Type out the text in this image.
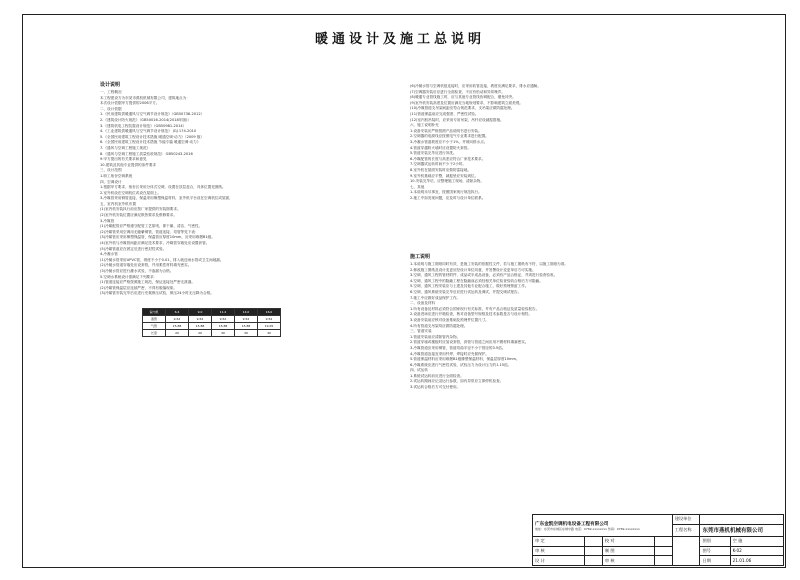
暖通设计及施工总说明
设计说明

一、工程概况

本工程建设方为东莞市燕机机械有限公司，建筑地点为：

本次设计依据甲方提供的2006平方。

二、设计依据

1.《民用建筑供暖通风与空气调节设计规范》（GB50736-2012）

2.《建筑设计防火规范》（GB50016-2014(2018年版)）

3.《建筑机电工程抗震设计规范》（GB50981-2014）

4.《工业建筑供暖通风与空气调节设计规范》 JGJ 174-2010

5.《全国民用建筑工程设计技术措施 暖通空调·动力》（2009 版）

6.《全国民用建筑工程设计技术措施 节能专篇 暖通空调·动力》

7.《通风与空调工程施工规范》

8.《通风与空调工程施工质量验收规范》 GB50243-2016

9.甲方提出的有关要求和意见

10.建筑及其他专业提供的条件要求

三、设计范围

1.职工宿舍空调系统

四、空调设计

1.根据甲方要求，宿舍区采用分体式空调，设置在顶层盖合，具体位置见图纸。

2.室外机设在空调机位或设在屋面上。

3.冷媒管采用铜管连接，保温采用橡塑保温材料，室外机平台设在空调机位或屋面，

五、室内机室外机布置

(1)室内机安装执行前应按厂家提供的安装图要求。

(2)室外机安装位置应满足散热要求及维修要求。

3.冷媒管

(1)冷媒配管应严格遵守配管工艺原则，即干燥、清洁、气密性。

(2)冷媒管采用空调用无缝紫铜管，管道连接、弯管等见下表：

(3)冷媒管应采用橡塑保温管，保温管应厚度10mm，应采用难燃B1级。

(4)室外机与冷媒管间距应满足技术要求，冷媒管穿墙处应设置套管。

(5)冷媒管道应在固定后进行密封性试验。

4.冷凝水管

(1)冷凝水管采用UPVC管，坡度不小于0.01，排入就近雨水管或卫生间地漏。

(2)冷凝水管道穿墙处应设套管，并用柔性材料填充密实。

(3)冷凝水管应进行灌水试验，不渗漏为合格。

5.空调水系统设计需满足下列要求：

(1)管道连接应严格按照施工规范，保证连接处严密无泄漏。

(2)冷媒管保温层应连续严密，不得有脱落现象。

(3)冷媒管安装完毕后应进行充氮保压试验，保压24小时无压降为合格。

室内机	6.4	9.0	11.2	14.0	16.0
液管	9.52	9.52	9.52	9.52	9.52
气管	15.88	15.88	15.88	15.88	19.05
长度	20	20	30	30	30

(6)冷凝水管与空调机组连接时，应采用软管连接，坡度应满足要求，排水应通畅。

(7)空调器安装后应进行全面检查，不应有松动和异常噪声。

(8)暖通专业管线施工时，应与其他专业管线协调配合，避免冲突。

(9)室外机安装高度及位置应满足当地规划要求，不影响建筑立面美观。

(10)冷媒管道支吊架间距应符合规范要求，支吊架应做防腐处理。

(11)管道保温前应完成强度、严密性试验。

(12)室内机吊装时，应采用专用吊架，吊杆应设减振措施。

六、施工说明补充

1.设备安装应严格按照产品说明书进行安装。

2.空调器的电源线应按照电气专业要求进行配置。

3.冷凝水管道坡度应不小于1%，并坡向排水点。

4.管道穿越防火墙时应设置防火套管。

5.管道安装完毕应进行冲洗。

6.冷媒配管的长度与高差应符合厂家技术要求。

7.空调器试运转时间不少于2小时。

8.室外机在屋面安装时应做防雷接地。

9.室外机基础应平整，减振垫应安装到位。

10.安装完毕后，应整理施工现场，清除杂物。

七、其他

1.本说明未尽事宜，按照国家现行规范执行。

2.施工中如发现问题，应及时与设计单位联系。

施工说明

1.本说明与施工图纸同时有效，是施工安装的依据性文件，若与施工图纸有不符，以施工图纸为准。

2.修改施工图纸及设计变更应经设计单位同意，并签署设计变更单后方可实施。

3.空调、通风工程的管材附件、成品或半成品设备，必须有产品合格证，并须进行检查验收。

4.空调、通风工程中的隐蔽工程在隐蔽前必须经相关单位检查验收合格后方可隐蔽。

5.空调、通风工程安装应与土建及其他专业配合施工，做好预埋预留工作。

6.空调、通风系统安装完毕后应进行试运转及调试，并提交调试报告。

7.施工中应做好成品保护工作。

二、设备及材料

1.所有设备及材料必须符合国家现行有关标准，并有产品合格证及质量检验报告。

2.设备进场应进行开箱检查，核对设备型号规格及技术参数是否与设计相符。

3.设备安装前应核对设备基础及预埋件位置尺寸。

4.所有管道支吊架均应做防腐处理。

三、管道安装

1.管道安装前应清除管内杂物。

2.管道穿墙或楼板时应加设套管，套管与管道之间应用不燃材料填塞密实。

3.冷媒管道应采用铜管，管道弯曲半径不小于管径的3.5倍。

4.冷媒管道连接宜采用钎焊，焊接时应充氮保护。

5.管道保温材料应采用难燃B1级橡塑保温材料，保温层厚度10mm。

6.冷媒系统应进行气密性试验，试验压力为设计压力的1.15倍。

四、试运转

1.系统试运转前应进行全面检查。

2.试运转期间应记录运行参数，如有异常应立即停机检查。

3.试运转合格后方可交付使用。

广东金凯空调机电设备工程有限公司
地址：东莞市东城区东城中路 电话：0769-xxxxxxxx 传真：0769-xxxxxxxx				建设单位		
				工程名称	东莞市燕机机械有限公司	
审 定		校 对			图别	空 施
审 核		制 图			图号	K-02
设 计		审 核			日期	21.01.06
